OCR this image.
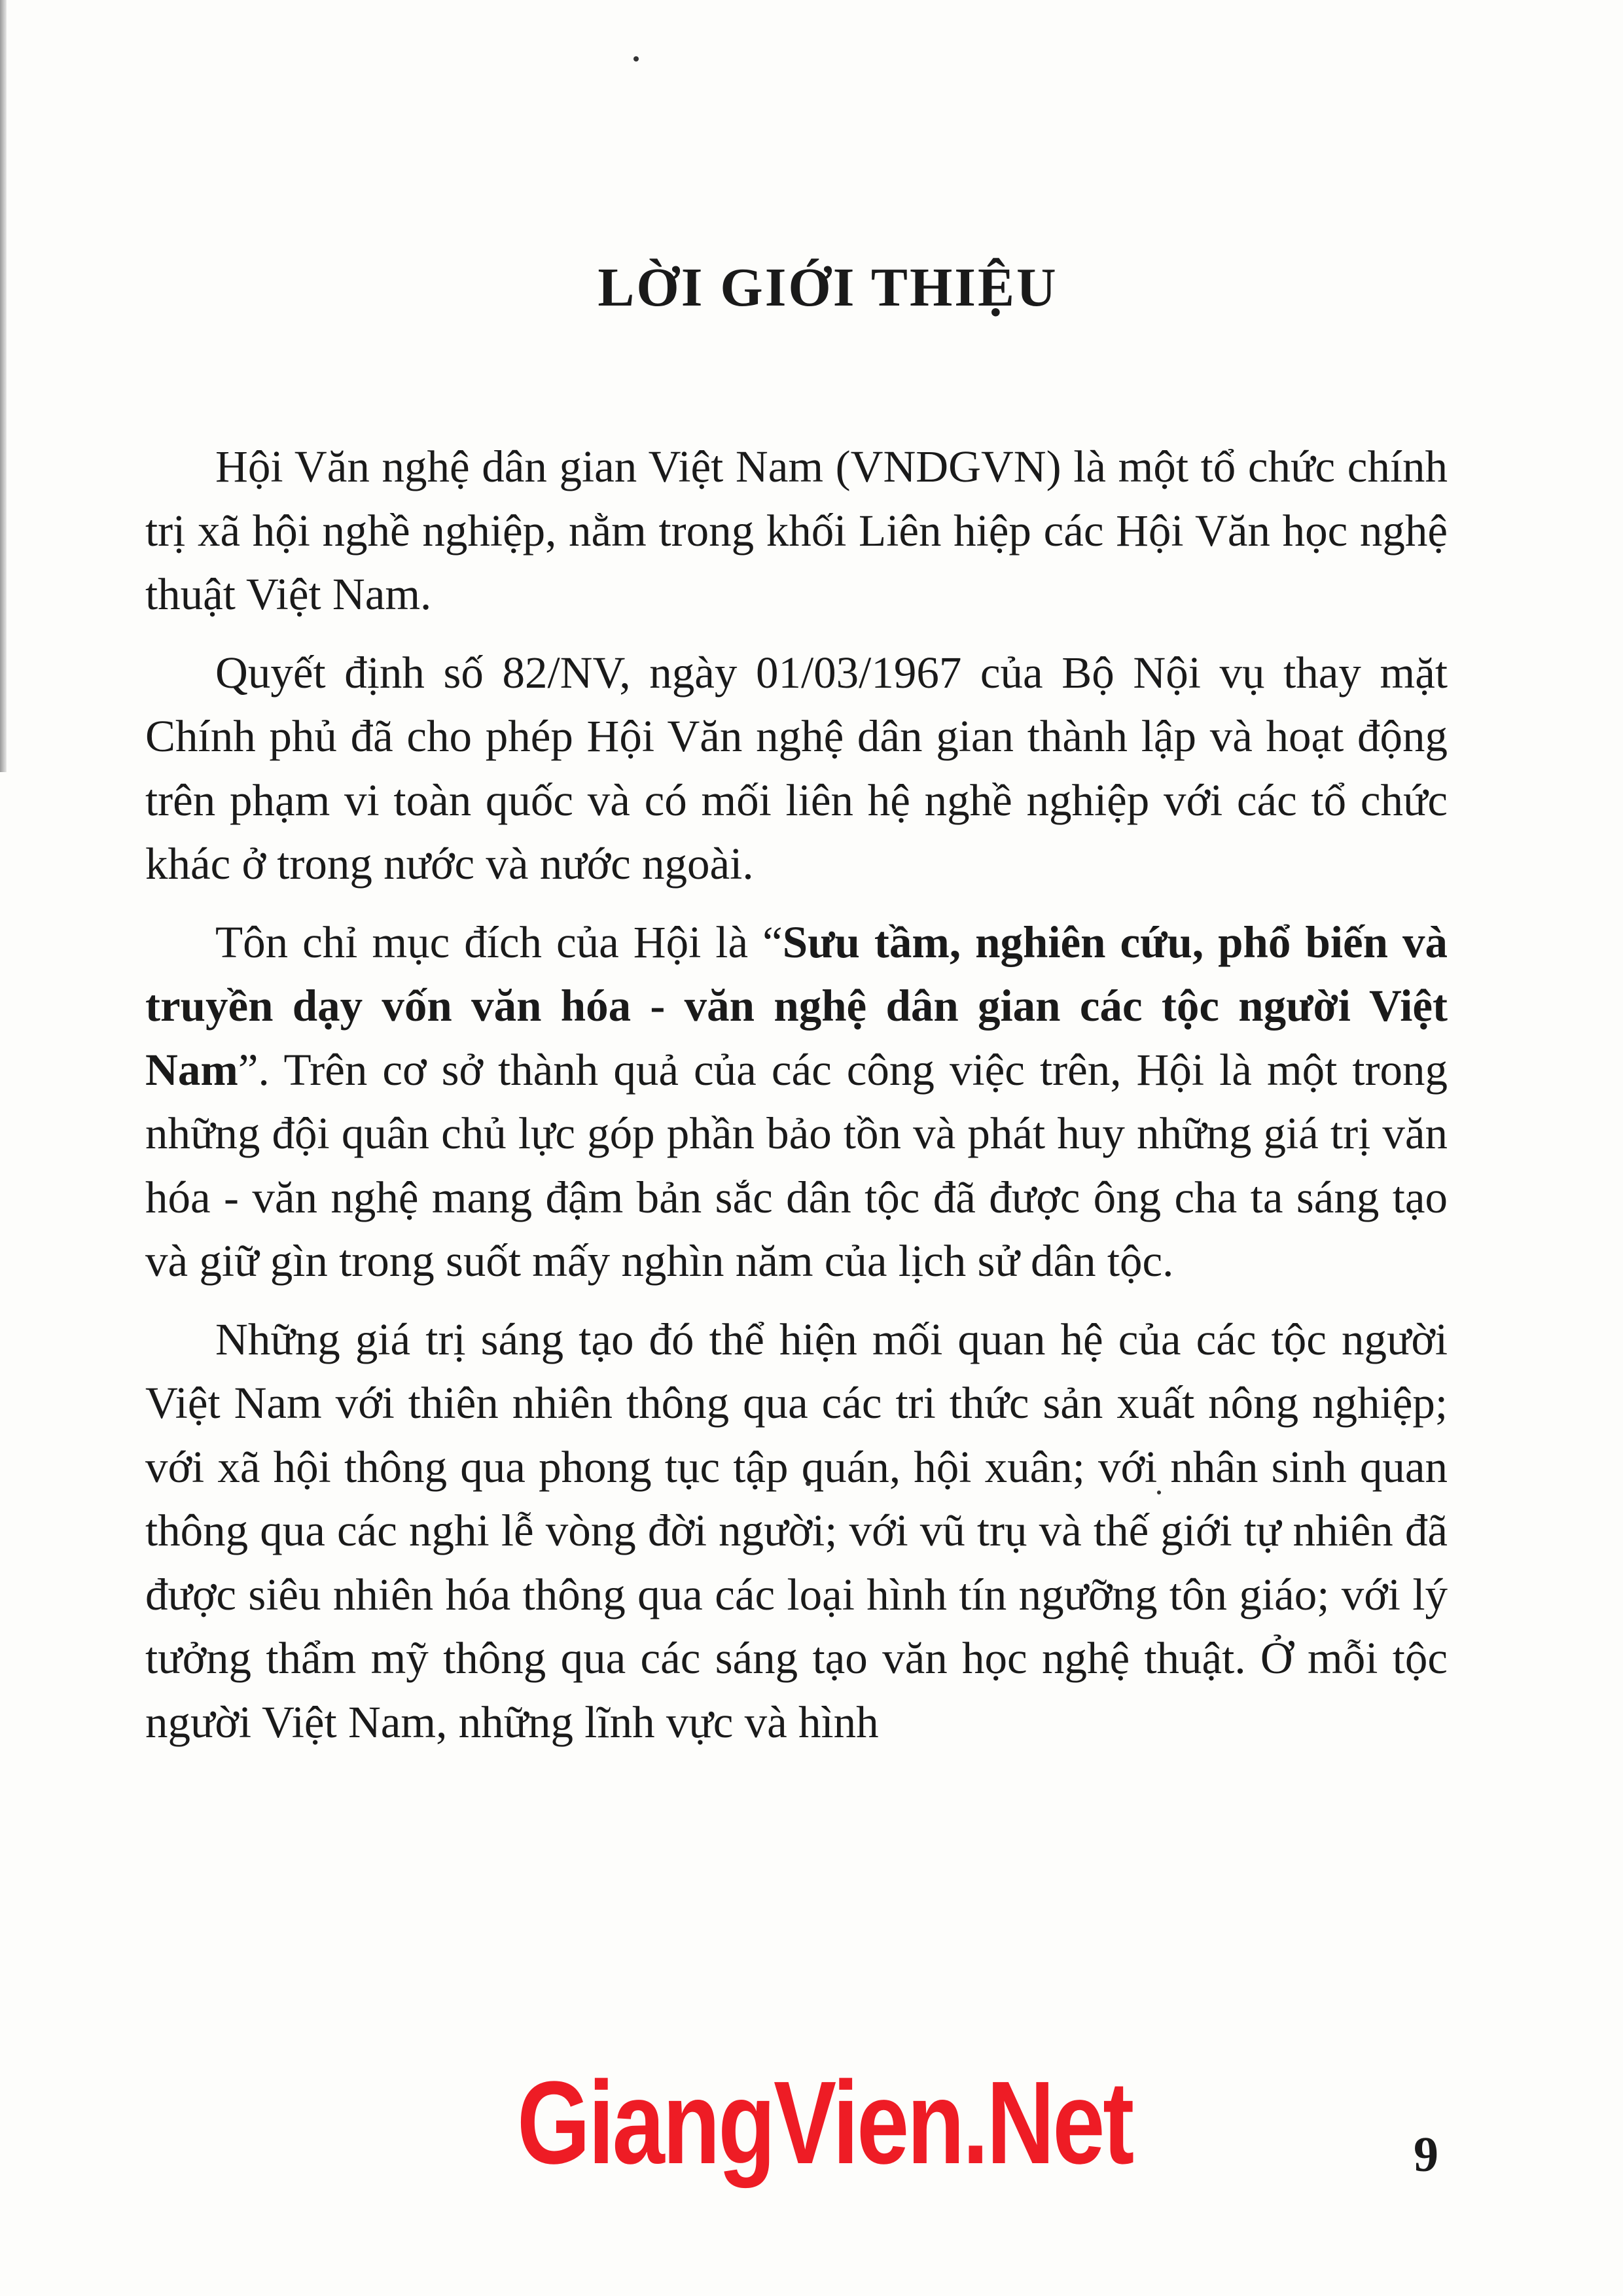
LỜI GIỚI THIỆU

Hội Văn nghệ dân gian Việt Nam (VNDGVN) là một tổ chức chính trị xã hội nghề nghiệp, nằm trong khối Liên hiệp các Hội Văn học nghệ thuật Việt Nam.

Quyết định số 82/NV, ngày 01/03/1967 của Bộ Nội vụ thay mặt Chính phủ đã cho phép Hội Văn nghệ dân gian thành lập và hoạt động trên phạm vi toàn quốc và có mối liên hệ nghề nghiệp với các tổ chức khác ở trong nước và nước ngoài.

Tôn chỉ mục đích của Hội là “Sưu tầm, nghiên cứu, phổ biến và truyền dạy vốn văn hóa - văn nghệ dân gian các tộc người Việt Nam”. Trên cơ sở thành quả của các công việc trên, Hội là một trong những đội quân chủ lực góp phần bảo tồn và phát huy những giá trị văn hóa - văn nghệ mang đậm bản sắc dân tộc đã được ông cha ta sáng tạo và giữ gìn trong suốt mấy nghìn năm của lịch sử dân tộc.

Những giá trị sáng tạo đó thể hiện mối quan hệ của các tộc người Việt Nam với thiên nhiên thông qua các tri thức sản xuất nông nghiệp; với xã hội thông qua phong tục tập quán, hội xuân; với nhân sinh quan thông qua các nghi lễ vòng đời người; với vũ trụ và thế giới tự nhiên đã được siêu nhiên hóa thông qua các loại hình tín ngưỡng tôn giáo; với lý tưởng thẩm mỹ thông qua các sáng tạo văn học nghệ thuật. Ở mỗi tộc người Việt Nam, những lĩnh vực và hình

GiangVien.Net	9
